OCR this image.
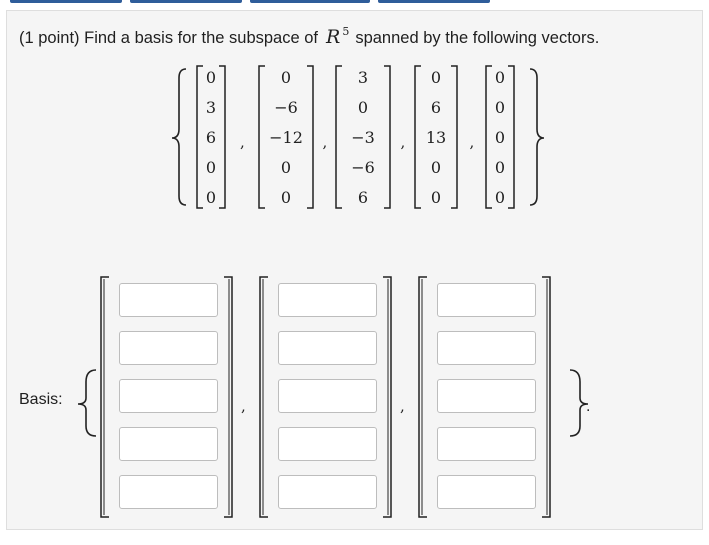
(1 point) Find a basis for the subspace of R $^5$ spanned by the following vectors.
0
3
6
0
0
,
0
−6
−12
0
0
,
3
0
−3
−6
6
,
0
6
13
0
0
,
0
0
0
0
0
Basis:	.
,	,
